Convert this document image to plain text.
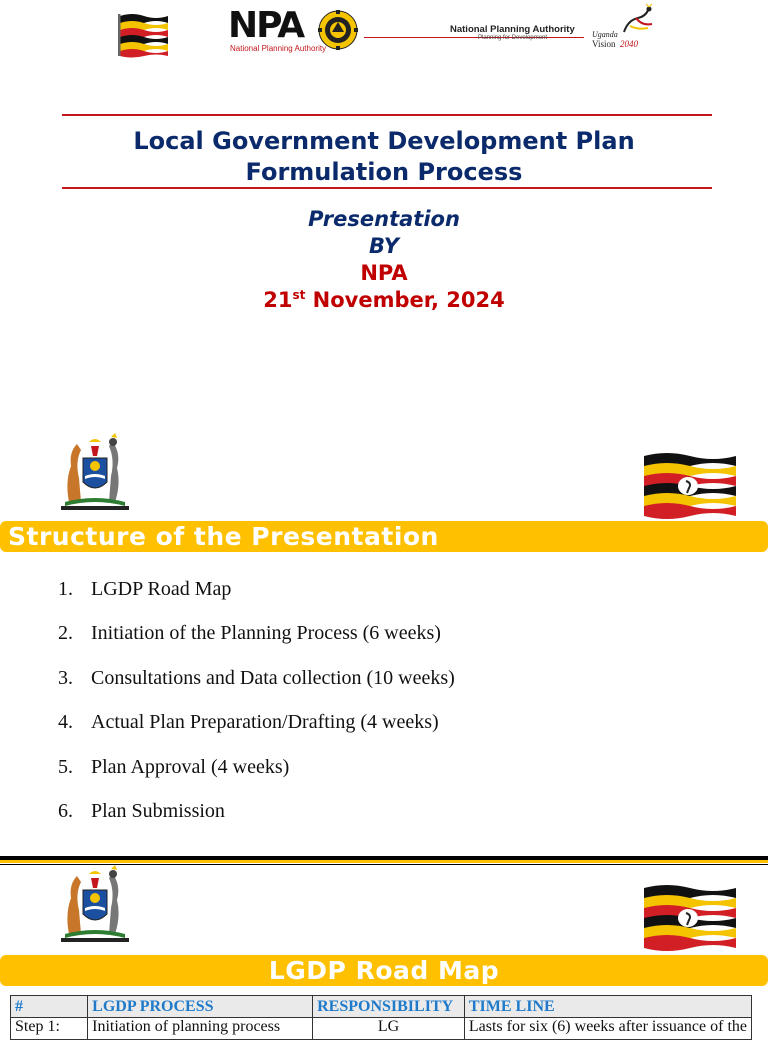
NPA
National Planning Authority
National Planning Authority
Planning for Development	Uganda
Vision 2040
Local Government Development Plan
Formulation Process
Presentation
BY
NPA
21st November, 2024
Structure of the Presentation
1. LGDP Road Map
2. Initiation of the Planning Process (6 weeks)
3. Consultations and Data collection (10 weeks)
4. Actual Plan Preparation/Drafting (4 weeks)
5. Plan Approval (4 weeks)
6. Plan Submission
LGDP Road Map
#	LGDP PROCESS	RESPONSIBILITY	TIME LINE
Step 1:	Initiation of planning process	LG	Lasts for six (6) weeks after issuance of the
